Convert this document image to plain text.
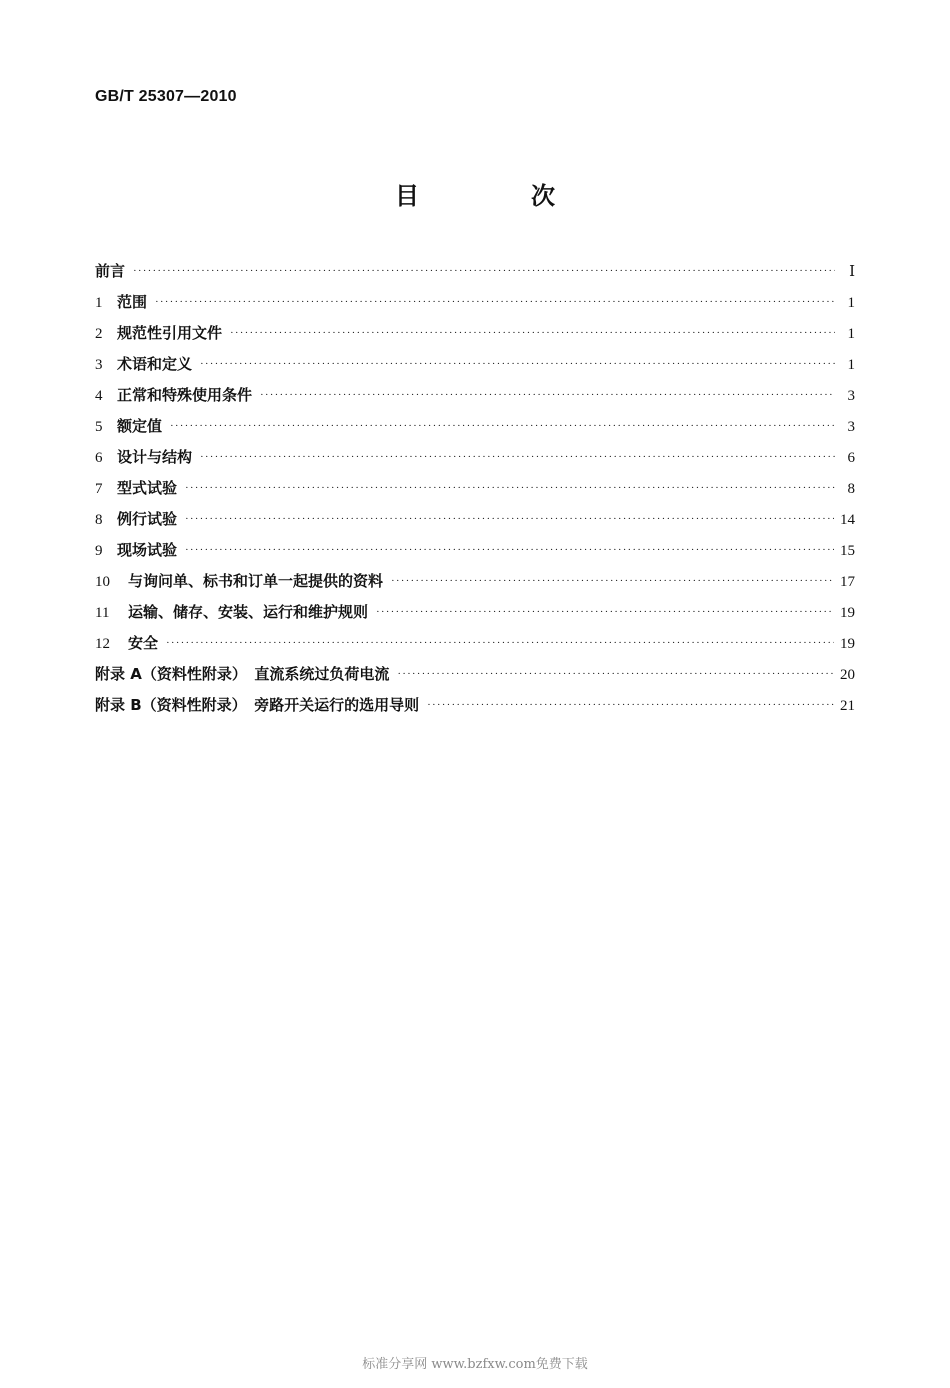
GB/T 25307—2010
目　次
前言 ·····	Ⅰ
1 范围 ·····	1
2 规范性引用文件 ·····	1
3 术语和定义 ·····	1
4 正常和特殊使用条件 ·····	3
5 额定值 ·····	3
6 设计与结构 ·····	6
7 型式试验 ·····	8
8 例行试验 ·····	14
9 现场试验 ·····	15
10	与询问单、标书和订单一起提供的资料 ·····	17
11	运输、储存、安装、运行和维护规则 ·····	19
12	安全 ·····	19
附录 A（资料性附录）　直流系统过负荷电流 ·····	20
附录 B（资料性附录）　旁路开关运行的选用导则 ·····	21
标准分享网 www.bzfxw.com免费下载
